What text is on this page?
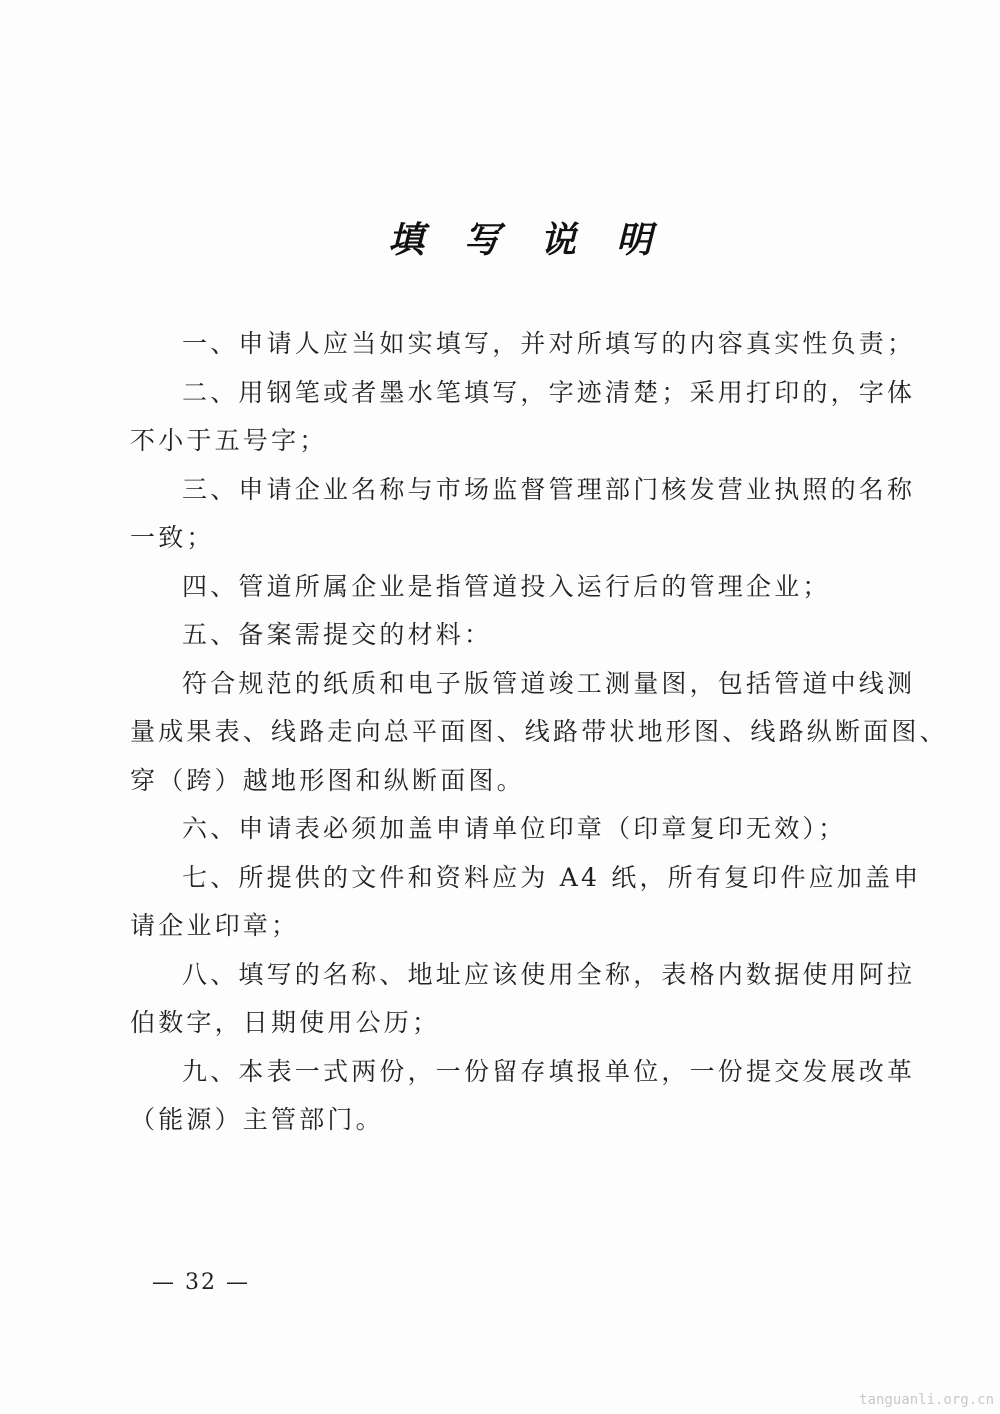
填写说明
一、申请人应当如实填写，并对所填写的内容真实性负责；
二、用钢笔或者墨水笔填写，字迹清楚；采用打印的，字体
不小于五号字；
三、申请企业名称与市场监督管理部门核发营业执照的名称
一致；
四、管道所属企业是指管道投入运行后的管理企业；
五、备案需提交的材料：
符合规范的纸质和电子版管道竣工测量图，包括管道中线测
量成果表、线路走向总平面图、线路带状地形图、线路纵断面图、
穿（跨）越地形图和纵断面图。
六、申请表必须加盖申请单位印章（印章复印无效）；
七、所提供的文件和资料应为 A4 纸，所有复印件应加盖申
请企业印章；
八、填写的名称、地址应该使用全称，表格内数据使用阿拉
伯数字，日期使用公历；
九、本表一式两份，一份留存填报单位，一份提交发展改革
（能源）主管部门。
— 32 —
tanguanli.org.cn
